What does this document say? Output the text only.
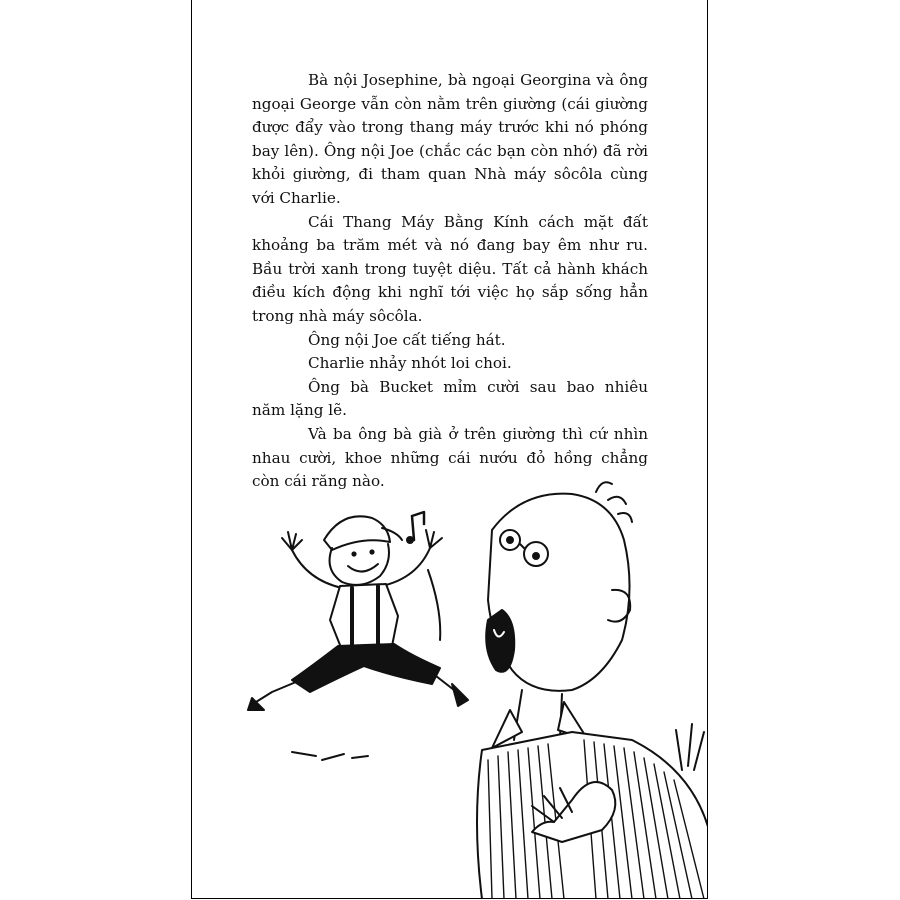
Bà nội Josephine, bà ngoại Georgina và ông ngoại George vẫn còn nằm trên giường (cái giường được đẩy vào trong thang máy trước khi nó phóng bay lên). Ông nội Joe (chắc các bạn còn nhớ) đã rời khỏi giường, đi tham quan Nhà máy sôcôla cùng với Charlie.

Cái Thang Máy Bằng Kính cách mặt đất khoảng ba trăm mét và nó đang bay êm như ru. Bầu trời xanh trong tuyệt diệu. Tất cả hành khách điều kích động khi nghĩ tới việc họ sắp sống hẳn trong nhà máy sôcôla.

Ông nội Joe cất tiếng hát.

Charlie nhảy nhót loi choi.

Ông bà Bucket mỉm cười sau bao nhiêu năm lặng lẽ.

Và ba ông bà già ở trên giường thì cứ nhìn nhau cười, khoe những cái nướu đỏ hồng chẳng còn cái răng nào.
